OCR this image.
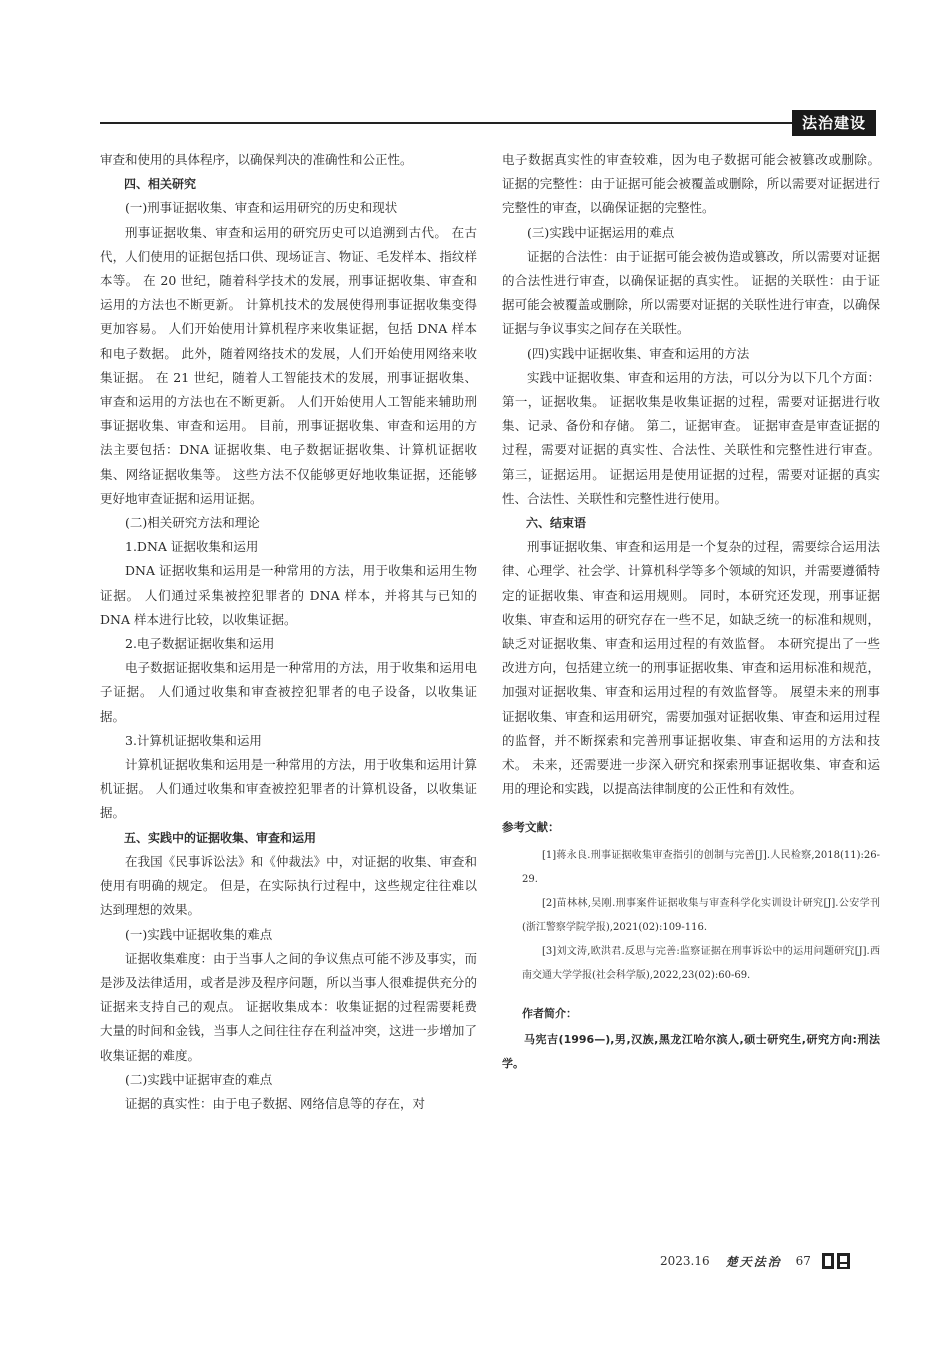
法治建设

审查和使用的具体程序，以确保判决的准确性和公正性。

四、相关研究

(一)刑事证据收集、审查和运用研究的历史和现状

刑事证据收集、审查和运用的研究历史可以追溯到古代。 在古代，人们使用的证据包括口供、现场证言、物证、毛发样本、指纹样本等。 在 20 世纪，随着科学技术的发展，刑事证据收集、审查和运用的方法也不断更新。 计算机技术的发展使得刑事证据收集变得更加容易。 人们开始使用计算机程序来收集证据，包括 DNA 样本和电子数据。 此外，随着网络技术的发展，人们开始使用网络来收集证据。 在 21 世纪，随着人工智能技术的发展，刑事证据收集、审查和运用的方法也在不断更新。 人们开始使用人工智能来辅助刑事证据收集、审查和运用。 目前，刑事证据收集、审查和运用的方法主要包括：DNA 证据收集、电子数据证据收集、计算机证据收集、网络证据收集等。 这些方法不仅能够更好地收集证据，还能够更好地审查证据和运用证据。

(二)相关研究方法和理论

1.DNA 证据收集和运用

DNA 证据收集和运用是一种常用的方法，用于收集和运用生物证据。 人们通过采集被控犯罪者的 DNA 样本，并将其与已知的 DNA 样本进行比较，以收集证据。

2.电子数据证据收集和运用

电子数据证据收集和运用是一种常用的方法，用于收集和运用电子证据。 人们通过收集和审查被控犯罪者的电子设备，以收集证据。

3.计算机证据收集和运用

计算机证据收集和运用是一种常用的方法，用于收集和运用计算机证据。 人们通过收集和审查被控犯罪者的计算机设备，以收集证据。

五、实践中的证据收集、审查和运用

在我国《民事诉讼法》和《仲裁法》中，对证据的收集、审查和使用有明确的规定。 但是，在实际执行过程中，这些规定往往难以达到理想的效果。

(一)实践中证据收集的难点

证据收集难度：由于当事人之间的争议焦点可能不涉及事实，而是涉及法律适用，或者是涉及程序问题，所以当事人很难提供充分的证据来支持自己的观点。 证据收集成本：收集证据的过程需要耗费大量的时间和金钱，当事人之间往往存在利益冲突，这进一步增加了收集证据的难度。

(二)实践中证据审查的难点

证据的真实性：由于电子数据、网络信息等的存在，对

电子数据真实性的审查较难，因为电子数据可能会被篡改或删除。 证据的完整性：由于证据可能会被覆盖或删除，所以需要对证据进行完整性的审查，以确保证据的完整性。

(三)实践中证据运用的难点

证据的合法性：由于证据可能会被伪造或篡改，所以需要对证据的合法性进行审查，以确保证据的真实性。 证据的关联性：由于证据可能会被覆盖或删除，所以需要对证据的关联性进行审查，以确保证据与争议事实之间存在关联性。

(四)实践中证据收集、审查和运用的方法

实践中证据收集、审查和运用的方法，可以分为以下几个方面：第一，证据收集。 证据收集是收集证据的过程，需要对证据进行收集、记录、备份和存储。 第二，证据审查。 证据审查是审查证据的过程，需要对证据的真实性、合法性、关联性和完整性进行审查。 第三，证据运用。 证据运用是使用证据的过程，需要对证据的真实性、合法性、关联性和完整性进行使用。

六、结束语

刑事证据收集、审查和运用是一个复杂的过程，需要综合运用法律、心理学、社会学、计算机科学等多个领域的知识，并需要遵循特定的证据收集、审查和运用规则。 同时，本研究还发现，刑事证据收集、审查和运用的研究存在一些不足，如缺乏统一的标准和规则，缺乏对证据收集、审查和运用过程的有效监督。 本研究提出了一些改进方向，包括建立统一的刑事证据收集、审查和运用标准和规范，加强对证据收集、审查和运用过程的有效监督等。 展望未来的刑事证据收集、审查和运用研究，需要加强对证据收集、审查和运用过程的监督，并不断探索和完善刑事证据收集、审查和运用的方法和技术。 未来，还需要进一步深入研究和探索刑事证据收集、审查和运用的理论和实践，以提高法律制度的公正性和有效性。

参考文献：

[1]蒋永良.刑事证据收集审查指引的创制与完善[J].人民检察,2018(11):26-29.

[2]苗林林,吴刚.刑事案件证据收集与审查科学化实训设计研究[J].公安学刊(浙江警察学院学报),2021(02):109-116.

[3]刘文涛,欧洪君.反思与完善:监察证据在刑事诉讼中的运用问题研究[J].西南交通大学学报(社会科学版),2022,23(02):60-69.

作者简介：

马宪吉(1996—),男,汉族,黑龙江哈尔滨人,硕士研究生,研究方向:刑法学。

2023.16 楚天法治 67
